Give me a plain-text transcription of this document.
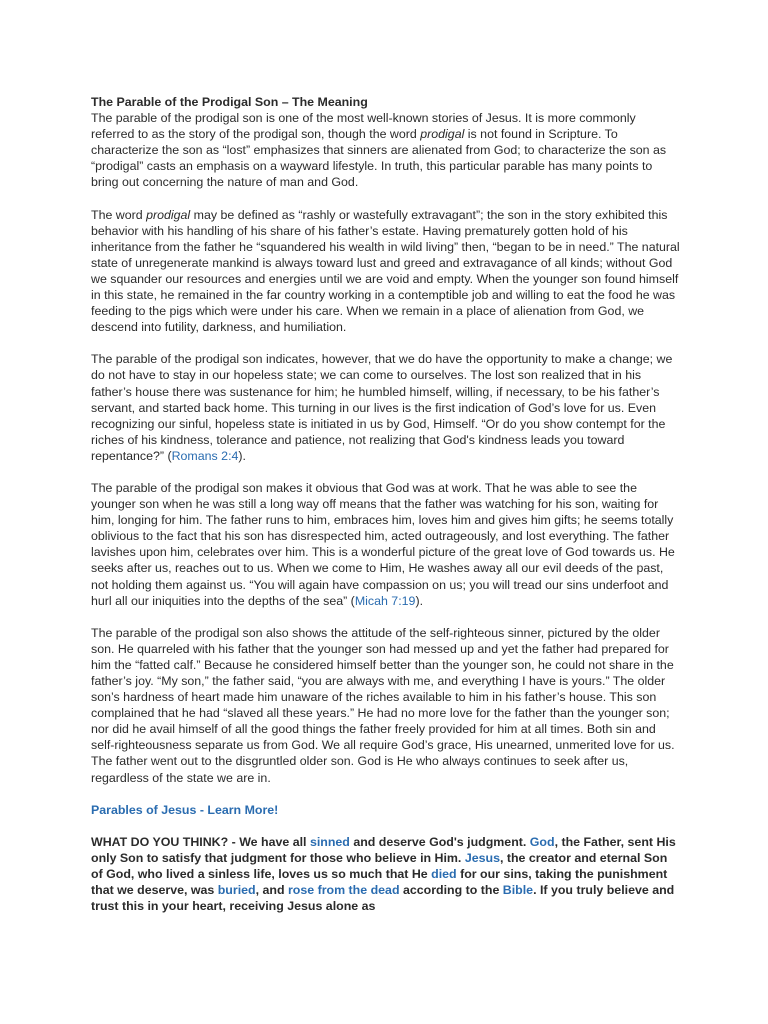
The Parable of the Prodigal Son – The Meaning

The parable of the prodigal son is one of the most well-known stories of Jesus. It is more commonly referred to as the story of the prodigal son, though the word prodigal is not found in Scripture. To characterize the son as “lost” emphasizes that sinners are alienated from God; to characterize the son as “prodigal” casts an emphasis on a wayward lifestyle. In truth, this particular parable has many points to bring out concerning the nature of man and God.

The word prodigal may be defined as “rashly or wastefully extravagant”; the son in the story exhibited this behavior with his handling of his share of his father’s estate. Having prematurely gotten hold of his inheritance from the father he “squandered his wealth in wild living” then, “began to be in need.” The natural state of unregenerate mankind is always toward lust and greed and extravagance of all kinds; without God we squander our resources and energies until we are void and empty. When the younger son found himself in this state, he remained in the far country working in a contemptible job and willing to eat the food he was feeding to the pigs which were under his care. When we remain in a place of alienation from God, we descend into futility, darkness, and humiliation.

The parable of the prodigal son indicates, however, that we do have the opportunity to make a change; we do not have to stay in our hopeless state; we can come to ourselves. The lost son realized that in his father’s house there was sustenance for him; he humbled himself, willing, if necessary, to be his father’s servant, and started back home. This turning in our lives is the first indication of God’s love for us. Even recognizing our sinful, hopeless state is initiated in us by God, Himself. “Or do you show contempt for the riches of his kindness, tolerance and patience, not realizing that God's kindness leads you toward repentance?” (Romans 2:4).

The parable of the prodigal son makes it obvious that God was at work. That he was able to see the younger son when he was still a long way off means that the father was watching for his son, waiting for him, longing for him. The father runs to him, embraces him, loves him and gives him gifts; he seems totally oblivious to the fact that his son has disrespected him, acted outrageously, and lost everything. The father lavishes upon him, celebrates over him. This is a wonderful picture of the great love of God towards us. He seeks after us, reaches out to us. When we come to Him, He washes away all our evil deeds of the past, not holding them against us. “You will again have compassion on us; you will tread our sins underfoot and hurl all our iniquities into the depths of the sea” (Micah 7:19).

The parable of the prodigal son also shows the attitude of the self-righteous sinner, pictured by the older son. He quarreled with his father that the younger son had messed up and yet the father had prepared for him the “fatted calf.” Because he considered himself better than the younger son, he could not share in the father’s joy. “My son,” the father said, “you are always with me, and everything I have is yours.” The older son’s hardness of heart made him unaware of the riches available to him in his father’s house. This son complained that he had “slaved all these years.” He had no more love for the father than the younger son; nor did he avail himself of all the good things the father freely provided for him at all times. Both sin and self-righteousness separate us from God. We all require God’s grace, His unearned, unmerited love for us. The father went out to the disgruntled older son. God is He who always continues to seek after us, regardless of the state we are in.

Parables of Jesus - Learn More!

WHAT DO YOU THINK? - We have all sinned and deserve God's judgment. God, the Father, sent His only Son to satisfy that judgment for those who believe in Him. Jesus, the creator and eternal Son of God, who lived a sinless life, loves us so much that He died for our sins, taking the punishment that we deserve, was buried, and rose from the dead according to the Bible. If you truly believe and trust this in your heart, receiving Jesus alone as
